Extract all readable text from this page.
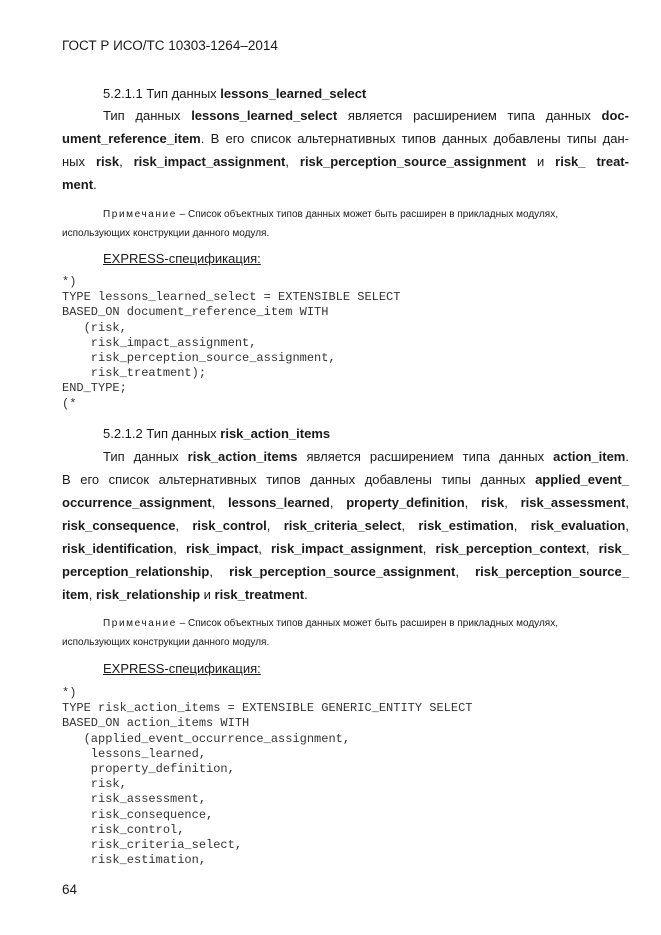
ГОСТ Р ИСО/ТС 10303-1264–2014
5.2.1.1 Тип данных lessons_learned_select
Тип данных lessons_learned_select является расширением типа данных doc-
ument_reference_item. В его список альтернативных типов данных добавлены типы дан-
ных risk, risk_impact_assignment, risk_perception_source_assignment и risk_ treat-
ment.
Примечание – Список объектных типов данных может быть расширен в прикладных модулях,
использующих конструкции данного модуля.
EXPRESS-спецификация:
*)
TYPE lessons_learned_select = EXTENSIBLE SELECT
BASED_ON document_reference_item WITH
(risk,
risk_impact_assignment,
risk_perception_source_assignment,
risk_treatment);
END_TYPE;
(*
5.2.1.2 Тип данных risk_action_items
Тип данных risk_action_items является расширением типа данных action_item.
В его список альтернативных типов данных добавлены типы данных applied_event_
occurrence_assignment, lessons_learned, property_definition, risk, risk_assessment,
risk_consequence, risk_control, risk_criteria_select, risk_estimation, risk_evaluation,
risk_identification, risk_impact, risk_impact_assignment, risk_perception_context, risk_
perception_relationship, risk_perception_source_assignment, risk_perception_source_
item, risk_relationship и risk_treatment.
Примечание – Список объектных типов данных может быть расширен в прикладных модулях,
использующих конструкции данного модуля.
EXPRESS-спецификация:
*)
TYPE risk_action_items = EXTENSIBLE GENERIC_ENTITY SELECT
BASED_ON action_items WITH
(applied_event_occurrence_assignment,
lessons_learned,
property_definition,
risk,
risk_assessment,
risk_consequence,
risk_control,
risk_criteria_select,
risk_estimation,
64
